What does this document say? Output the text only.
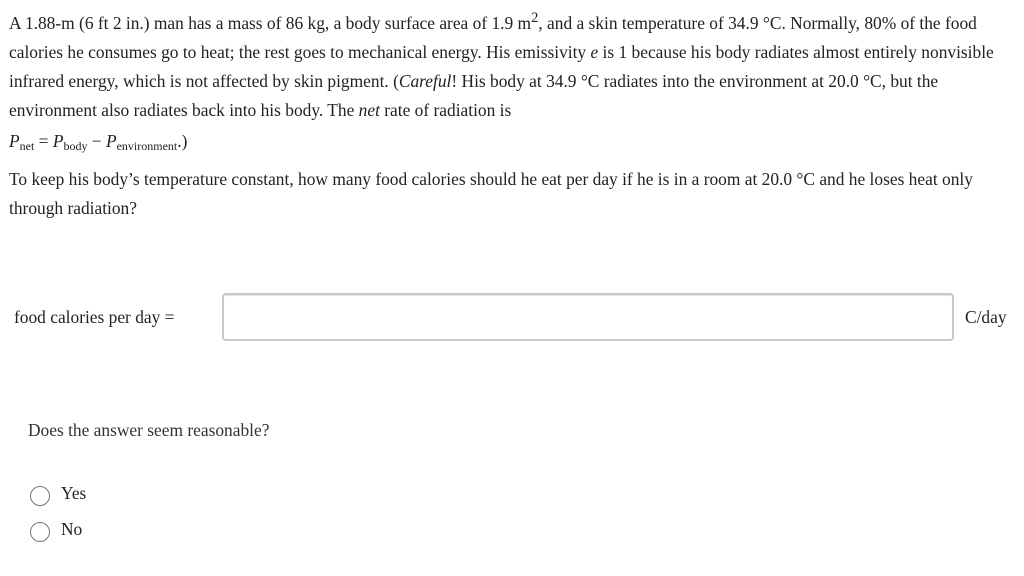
A 1.88-m (6 ft 2 in.) man has a mass of 86 kg, a body surface area of 1.9 $m^2$, and a skin temperature of 34.9 °C. Normally, 80% of the food calories he consumes go to heat; the rest goes to mechanical energy. His emissivity e is 1 because his body radiates almost entirely nonvisible infrared energy, which is not affected by skin pigment. (Careful! His body at 34.9 °C radiates into the environment at 20.0 °C, but the environment also radiates back into his body. The net rate of radiation is

$P_{net} = P_{body} - P_{environment}$.)

To keep his body’s temperature constant, how many food calories should he eat per day if he is in a room at 20.0 °C and he loses heat only through radiation?

food calories per day =	C/day
Does the answer seem reasonable?
Yes
No
